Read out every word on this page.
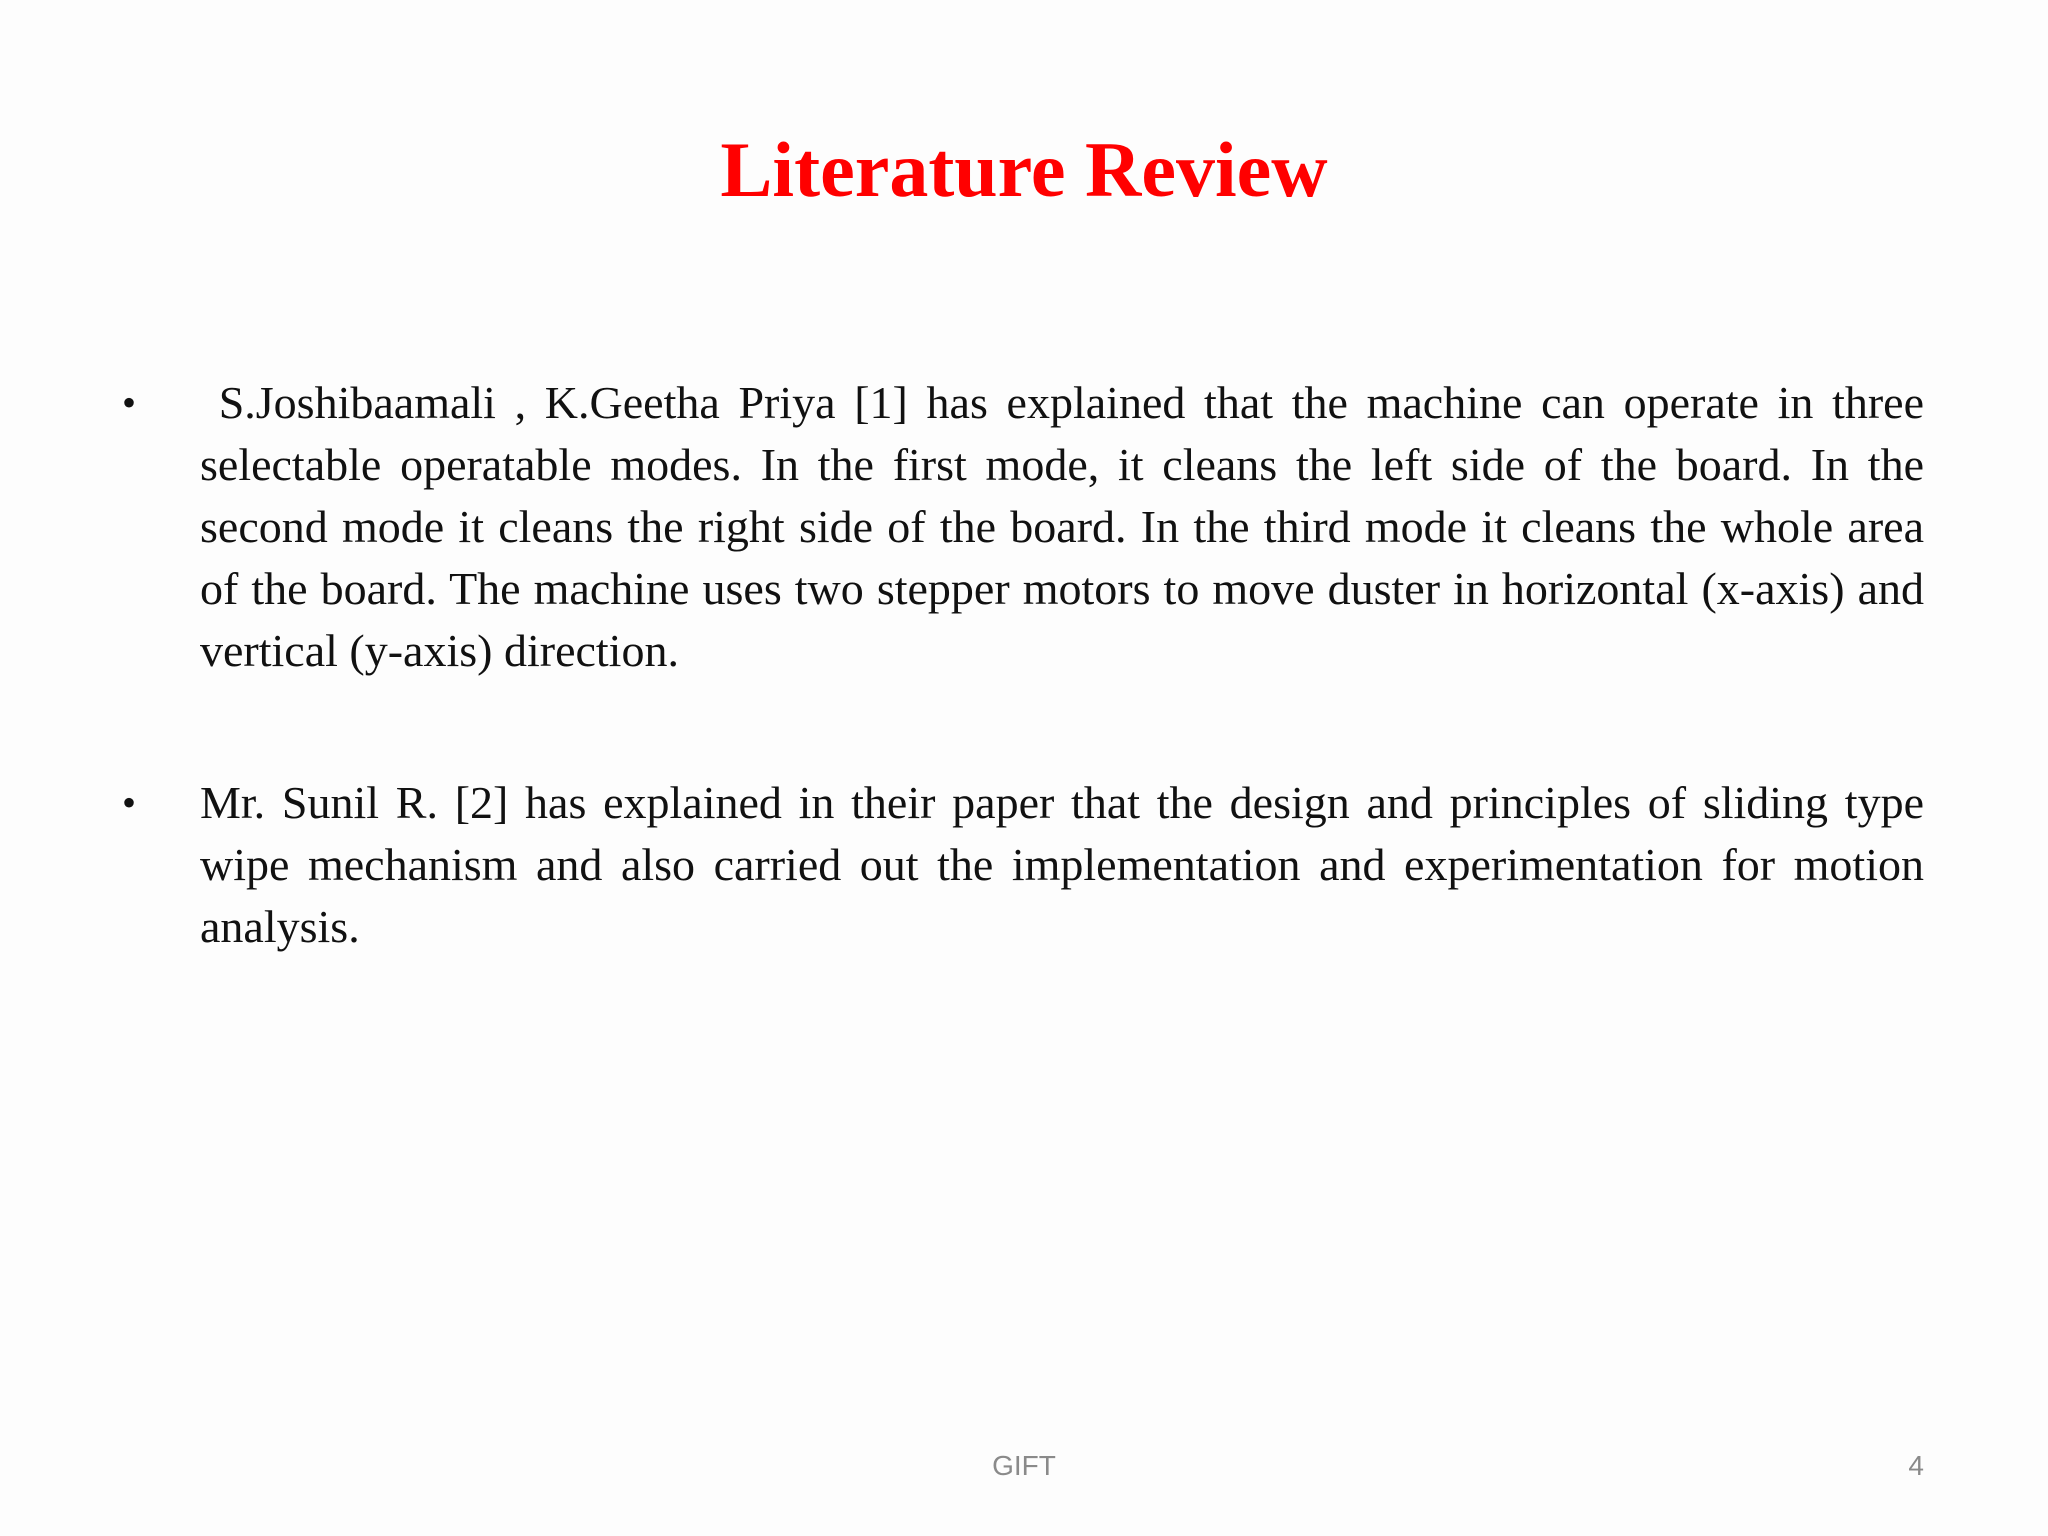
Literature Review
• S.Joshibaamali , K.Geetha Priya [1] has explained that the machine can operate in three selectable operatable modes. In the first mode, it cleans the left side of the board. In the second mode it cleans the right side of the board. In the third mode it cleans the whole area of the board. The machine uses two stepper motors to move duster in horizontal (x-axis) and vertical (y-axis) direction.
• Mr. Sunil R. [2] has explained in their paper that the design and principles of sliding type wipe mechanism and also carried out the implementation and experimentation for motion analysis.
GIFT	4
